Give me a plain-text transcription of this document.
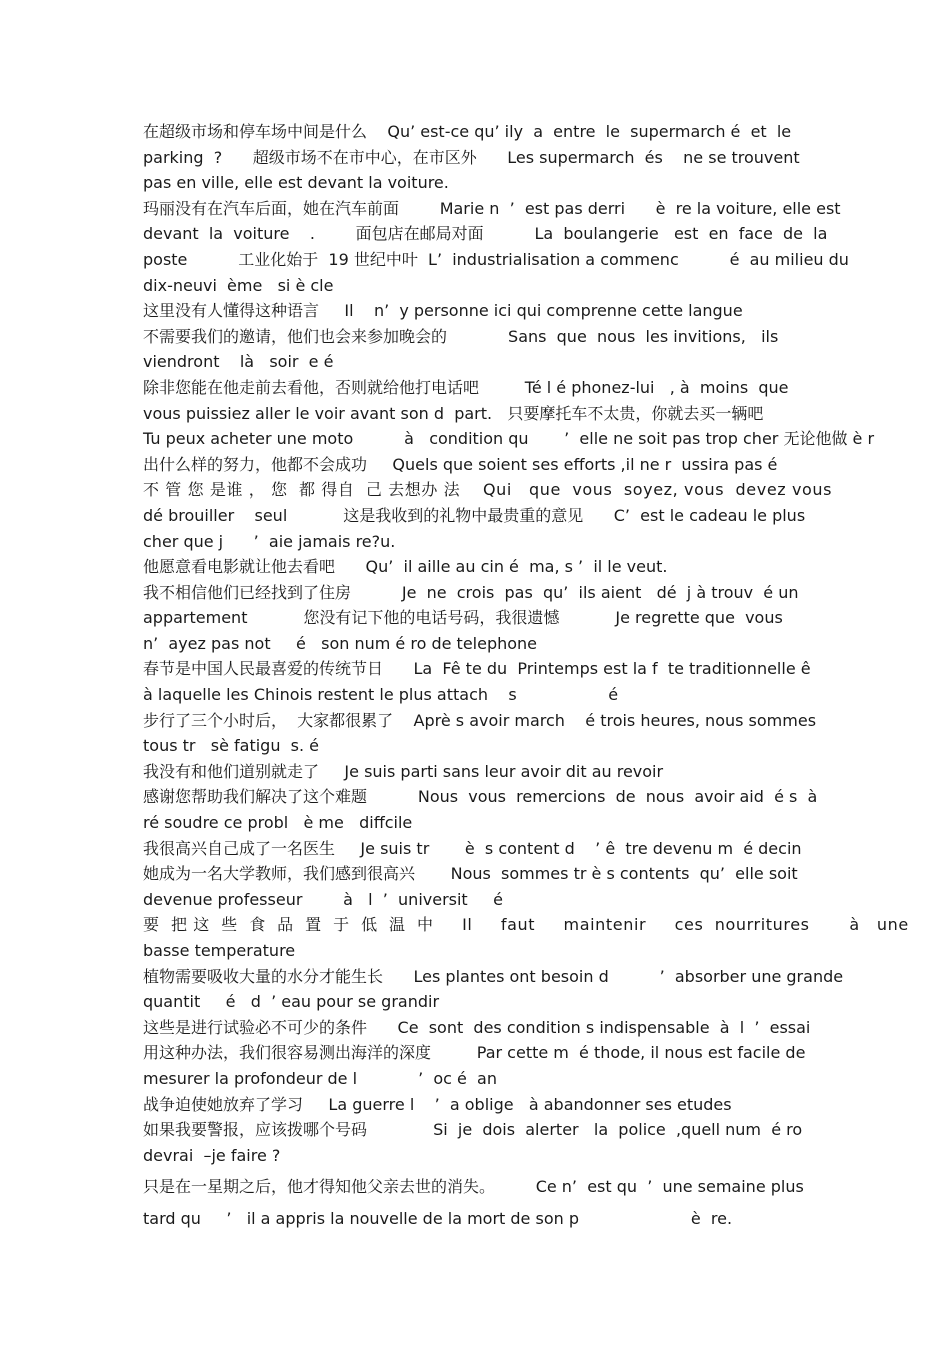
在超级市场和停车场中间是什么    Qu’ est-ce qu’ ily  a  entre  le  supermarch é  et  le
parking  ?      超级市场不在市中心，在市区外      Les supermarch  és    ne se trouvent
pas en ville, elle est devant la voiture.
玛丽没有在汽车后面，她在汽车前面        Marie n  ’  est pas derri      è  re la voiture, elle est
devant  la  voiture    .        面包店在邮局对面          La  boulangerie   est  en  face  de  la
poste          工业化始于  19 世纪中叶  L’  industrialisation a commenc          é  au milieu du
dix-neuvi  ème   si è cle
这里没有人懂得这种语言     Il    n’  y personne ici qui comprenne cette langue
不需要我们的邀请，他们也会来参加晚会的            Sans  que  nous  les invitions,   ils
viendront    là   soir  e é
除非您能在他走前去看他，否则就给他打电话吧         Té l é phonez-lui   , à  moins  que
vous puissiez aller le voir avant son d  part.   只要摩托车不太贵，你就去买一辆吧
Tu peux acheter une moto          à   condition qu       ’  elle ne soit pas trop cher 无论他做 è r
出什么样的努力，他都不会成功     Quels que soient ses efforts ,il ne r  ussira pas é
不 管 您 是谁 ， 您  都 得自  己 去想办 法    Qui   que  vous  soyez, vous  devez vous
dé brouiller    seul           这是我收到的礼物中最贵重的意见      C’  est le cadeau le plus
cher que j      ’  aie jamais re?u.
他愿意看电影就让他去看吧      Qu’  il aille au cin é  ma, s ’  il le veut.
我不相信他们已经找到了住房          Je  ne  crois  pas  qu’  ils aient   dé  j à trouv  é un
appartement           您没有记下他的电话号码，我很遗憾           Je regrette que  vous
n’  ayez pas not     é   son num é ro de telephone
春节是中国人民最喜爱的传统节日      La  Fê te du  Printemps est la f  te traditionnelle ê
à laquelle les Chinois restent le plus attach    s                  é
步行了三个小时后，  大家都很累了    Aprè s avoir march    é trois heures, nous sommes
tous tr   sè fatigu  s. é
我没有和他们道别就走了     Je suis parti sans leur avoir dit au revoir
感谢您帮助我们解决了这个难题          Nous  vous  remercions  de  nous  avoir aid  é s  à
ré soudre ce probl   è me   diffcile
我很高兴自己成了一名医生     Je suis tr       è  s content d    ’ ê  tre devenu m  é decin
她成为一名大学教师，我们感到很高兴       Nous  sommes tr è s contents  qu’  elle soit
devenue professeur        à   l  ’  universit     é
要  把 这  些  食  品  置  于  低  温  中     Il     faut     maintenir     ces  nourritures       à   une
basse temperature
植物需要吸收大量的水分才能生长      Les plantes ont besoin d          ’  absorber une grande
quantit     é   d  ’ eau pour se grandir
这些是进行试验必不可少的条件      Ce  sont  des condition s indispensable  à  l  ’  essai
用这种办法，我们很容易测出海洋的深度         Par cette m  é thode, il nous est facile de
mesurer la profondeur de l            ’  oc é  an
战争迫使她放弃了学习     La guerre l    ’  a oblige   à abandonner ses etudes
如果我要警报，应该拨哪个号码             Si  je  dois  alerter   la  police  ,quell num  é ro
devrai  –je faire ?
只是在一星期之后，他才得知他父亲去世的消失。        Ce n’  est qu  ’  une semaine plus
tard qu     ’   il a appris la nouvelle de la mort de son p                      è  re.
